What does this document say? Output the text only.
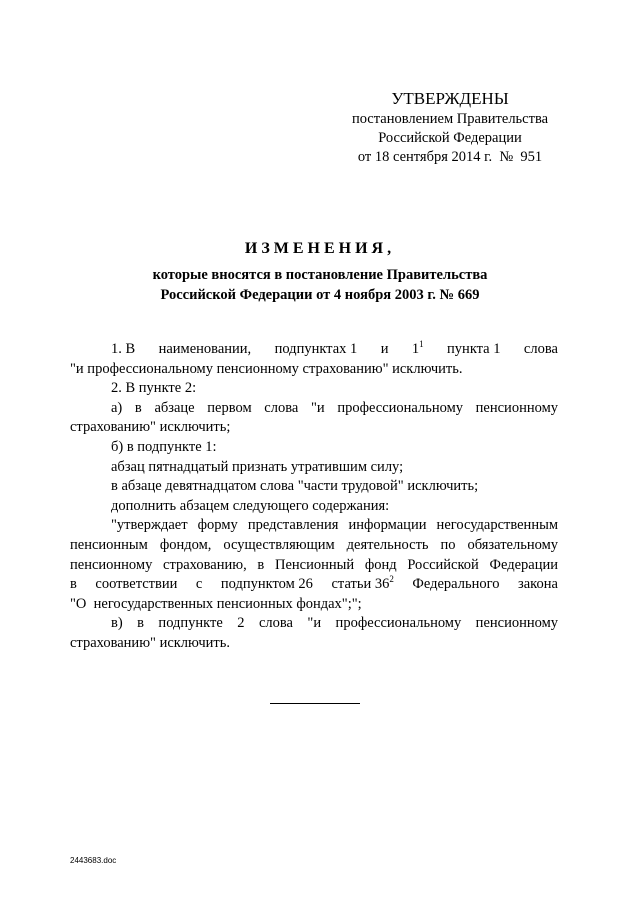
УТВЕРЖДЕНЫ
постановлением Правительства
Российской Федерации
от 18 сентября 2014 г.  №  951
ИЗМЕНЕНИЯ,
которые вносятся в постановление Правительства
Российской Федерации от 4 ноября 2003 г. № 669
1. В наименовании, подпунктах 1 и $1^1$ пункта 1 слова
"и профессиональному пенсионному страхованию" исключить.
2. В пункте 2:
а) в абзаце первом слова "и профессиональному пенсионному
страхованию" исключить;
б) в подпункте 1:
абзац пятнадцатый признать утратившим силу;
в абзаце девятнадцатом слова "части трудовой" исключить;
дополнить абзацем следующего содержания:
"утверждает форму представления информации негосударственным
пенсионным фондом, осуществляющим деятельность по обязательному
пенсионному страхованию, в Пенсионный фонд Российской Федерации
в соответствии с подпунктом 26 статьи $36^2$ Федерального закона
"О  негосударственных пенсионных фондах";";
в) в подпункте 2 слова "и профессиональному пенсионному
страхованию" исключить.
2443683.doc
